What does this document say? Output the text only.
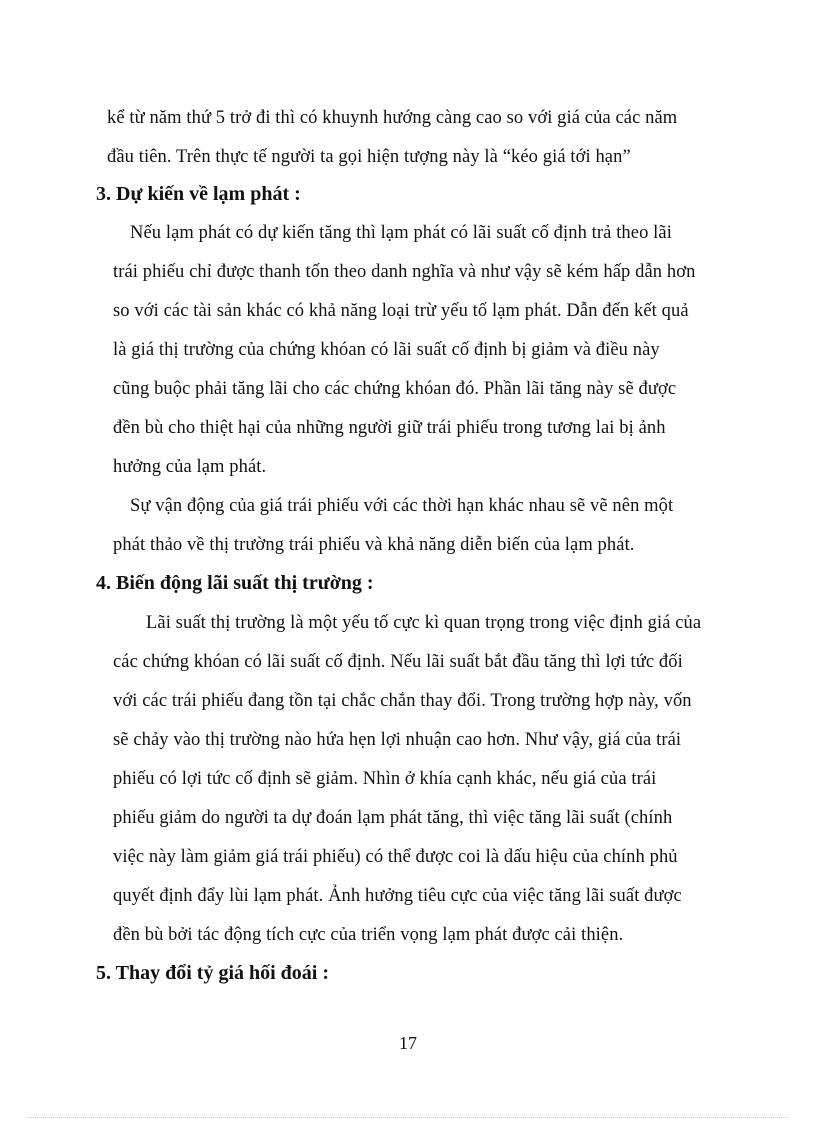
kể từ năm thứ 5 trở đi thì có khuynh hướng càng cao so với giá của các năm
đầu tiên. Trên thực tế người ta gọi hiện tượng này là “kéo giá tới hạn”
3. Dự kiến về lạm phát :
Nếu lạm phát có dự kiến tăng thì lạm phát có lãi suất cố định trả theo lãi
trái phiếu chỉ được thanh tốn theo danh nghĩa và như vậy sẽ kém hấp dẫn hơn
so với các tài sản khác có khả năng loại trừ yếu tố lạm phát. Dẫn đến kết quả
là giá thị trường của chứng khóan có lãi suất cố định bị giảm và điều này
cũng buộc phải tăng lãi cho các chứng khóan đó. Phần lãi tăng này sẽ được
đền bù cho thiệt hại của những người giữ trái phiếu trong tương lai bị ảnh
hưởng của lạm phát.
Sự vận động của giá trái phiếu với các thời hạn khác nhau sẽ vẽ nên một
phát thảo về thị trường trái phiếu và khả năng diễn biến của lạm phát.
4. Biến động lãi suất thị trường :
Lãi suất thị trường là một yếu tố cực kì quan trọng trong việc định giá của
các chứng khóan có lãi suất cố định. Nếu lãi suất bắt đầu tăng thì lợi tức đối
với các trái phiếu đang tồn tại chắc chắn thay đổi. Trong trường hợp này, vốn
sẽ chảy vào thị trường nào hứa hẹn lợi nhuận cao hơn. Như vậy, giá của trái
phiếu có lợi tức cố định sẽ giảm. Nhìn ở khía cạnh khác, nếu giá của trái
phiếu giảm do người ta dự đoán lạm phát tăng, thì việc tăng lãi suất (chính
việc này làm giảm giá trái phiếu) có thể được coi là dấu hiệu của chính phủ
quyết định đẩy lùi lạm phát. Ảnh hưởng tiêu cực của việc tăng lãi suất được
đền bù bởi tác động tích cực của triển vọng lạm phát được cải thiện.
5. Thay đổi tỷ giá hối đoái :
17
